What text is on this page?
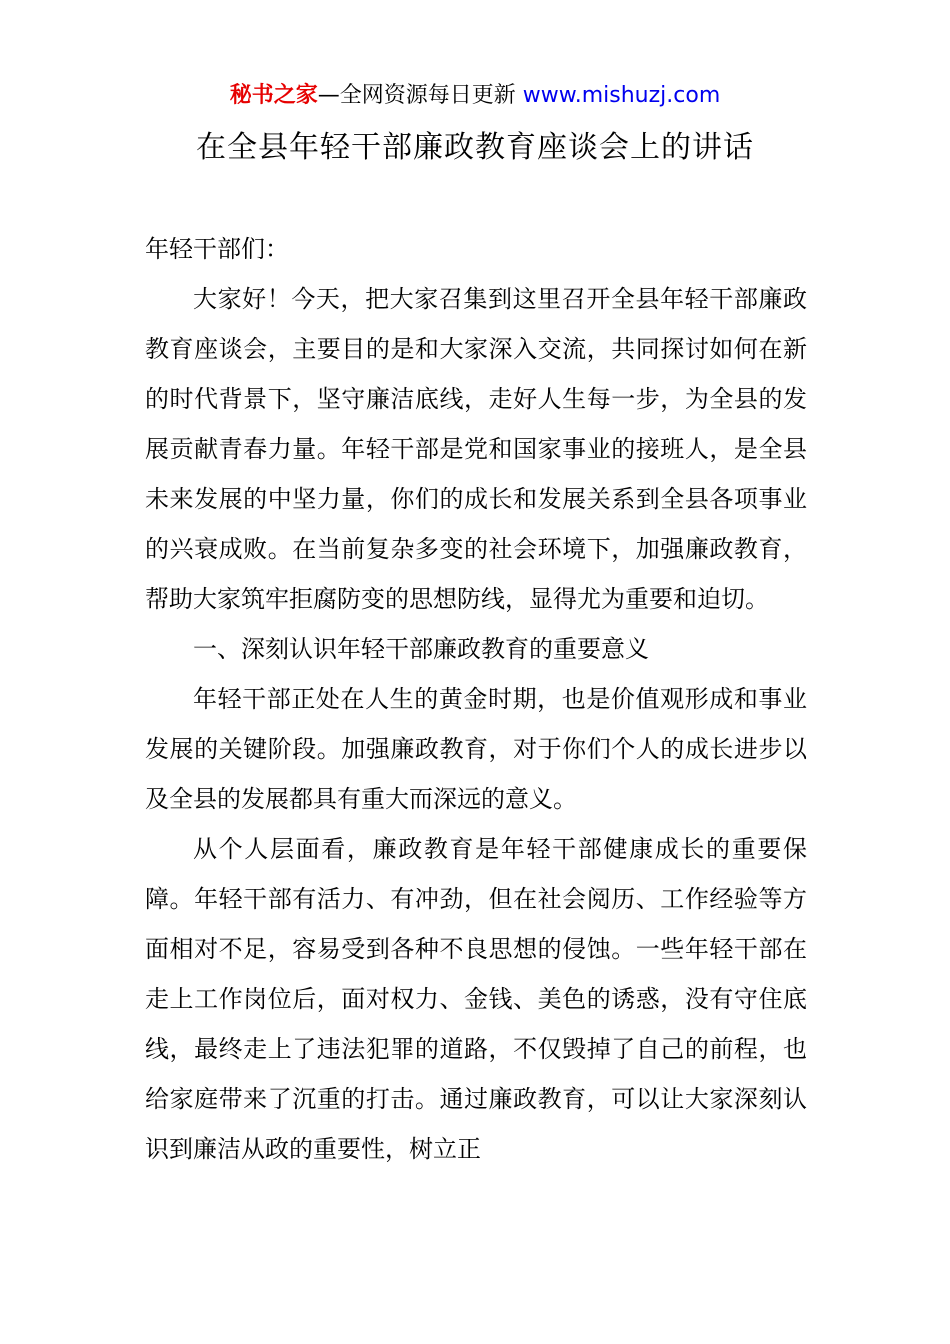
秘书之家—全网资源每日更新 www.mishuzj.com
在全县年轻干部廉政教育座谈会上的讲话

年轻干部们：

大家好！今天，把大家召集到这里召开全县年轻干部廉政教育座谈会，主要目的是和大家深入交流，共同探讨如何在新的时代背景下，坚守廉洁底线，走好人生每一步，为全县的发展贡献青春力量。年轻干部是党和国家事业的接班人，是全县未来发展的中坚力量，你们的成长和发展关系到全县各项事业的兴衰成败。在当前复杂多变的社会环境下，加强廉政教育，帮助大家筑牢拒腐防变的思想防线，显得尤为重要和迫切。

一、深刻认识年轻干部廉政教育的重要意义

年轻干部正处在人生的黄金时期，也是价值观形成和事业发展的关键阶段。加强廉政教育，对于你们个人的成长进步以及全县的发展都具有重大而深远的意义。

从个人层面看，廉政教育是年轻干部健康成长的重要保障。年轻干部有活力、有冲劲，但在社会阅历、工作经验等方面相对不足，容易受到各种不良思想的侵蚀。一些年轻干部在走上工作岗位后，面对权力、金钱、美色的诱惑，没有守住底线，最终走上了违法犯罪的道路，不仅毁掉了自己的前程，也给家庭带来了沉重的打击。通过廉政教育，可以让大家深刻认识到廉洁从政的重要性，树立正
